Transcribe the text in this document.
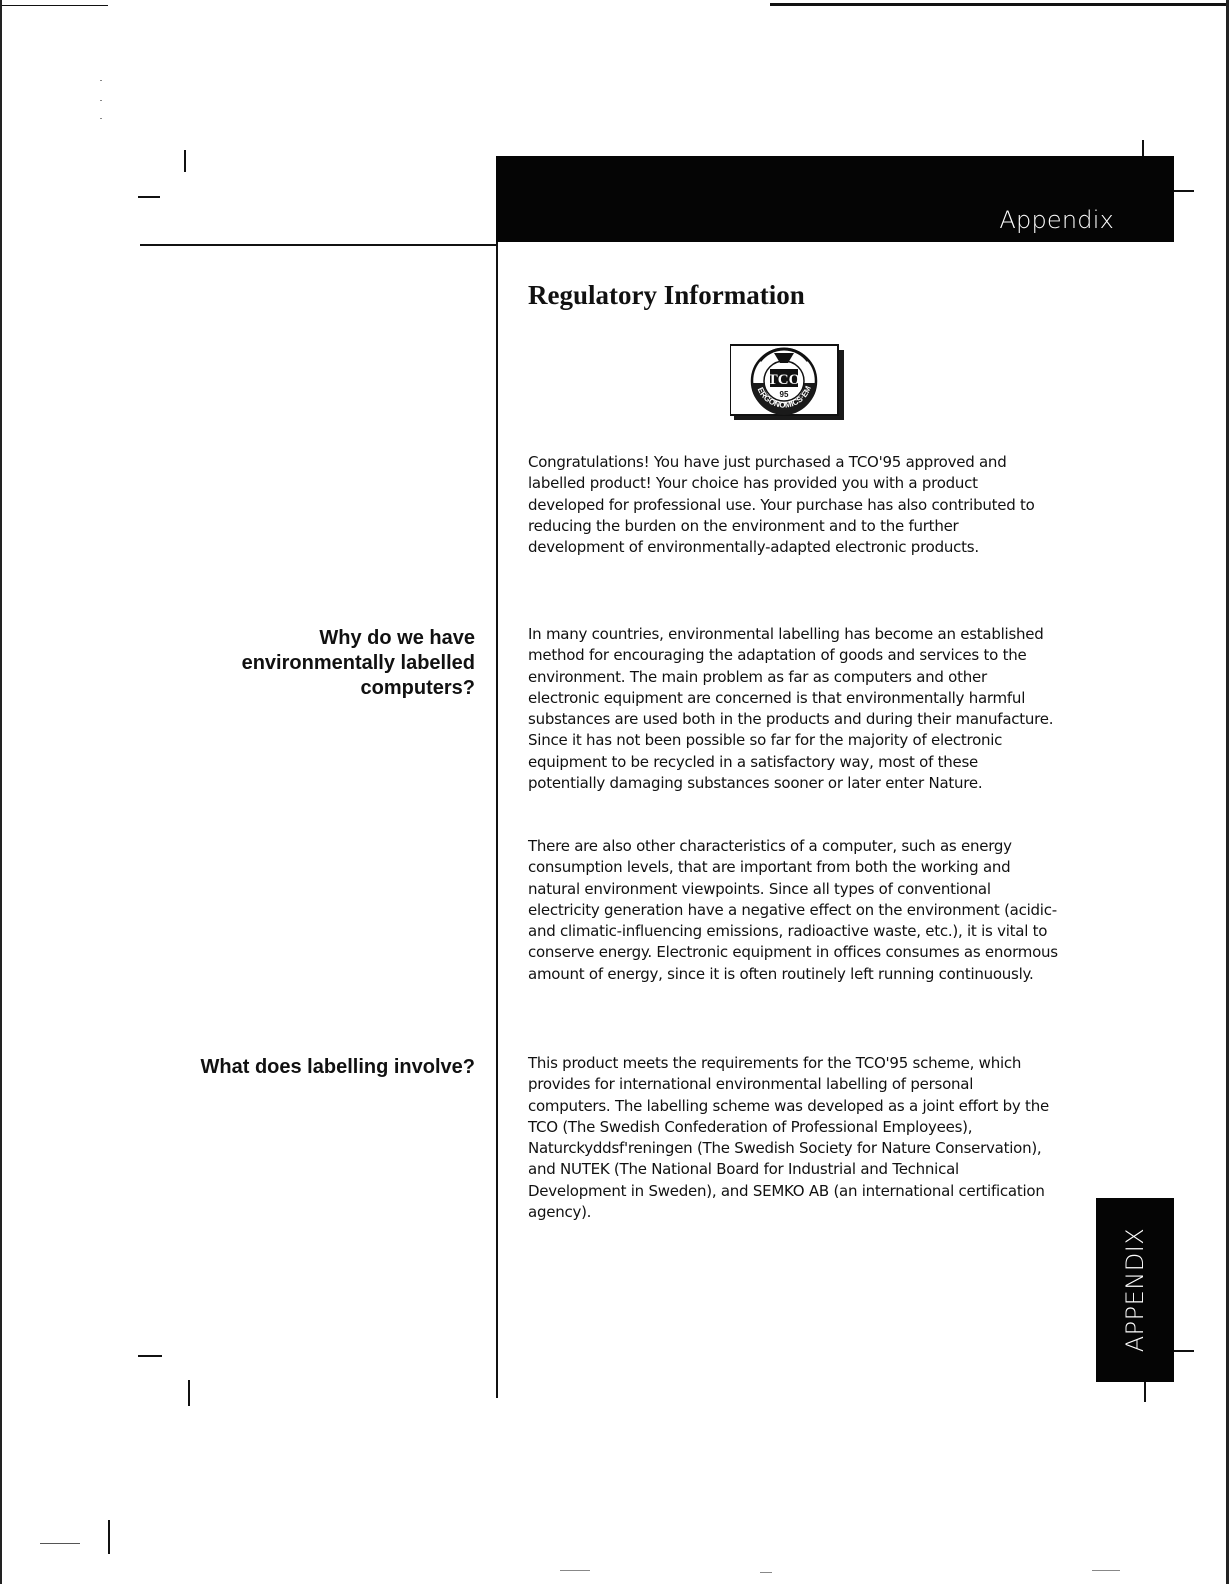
Appendix
Regulatory Information
TCO
95
ERGONOMICS·EM

Congratulations! You have just purchased a TCO'95 approved and labelled product! Your choice has provided you with a product developed for professional use. Your purchase has also contributed to reducing the burden on the environment and to the further development of environmentally-adapted electronic products.

Why do we have environmentally labelled computers?

In many countries, environmental labelling has become an established method for encouraging the adaptation of goods and services to the environment. The main problem as far as computers and other electronic equipment are concerned is that environmentally harmful substances are used both in the products and during their manufacture. Since it has not been possible so far for the majority of electronic equipment to be recycled in a satisfactory way, most of these potentially damaging substances sooner or later enter Nature.

There are also other characteristics of a computer, such as energy consumption levels, that are important from both the working and natural environment viewpoints. Since all types of conventional electricity generation have a negative effect on the environment (acidic- and climatic-influencing emissions, radioactive waste, etc.), it is vital to conserve energy. Electronic equipment in offices consumes as enormous amount of energy, since it is often routinely left running continuously.

What does labelling involve?	This product meets the requirements for the TCO'95 scheme, which provides for international environmental labelling of personal computers. The labelling scheme was developed as a joint effort by the TCO (The Swedish Confederation of Professional Employees), Naturckyddsf'reningen (The Swedish Society for Nature Conservation), and NUTEK (The National Board for Industrial and Technical Development in Sweden), and SEMKO AB (an international certification agency).

APPENDIX
